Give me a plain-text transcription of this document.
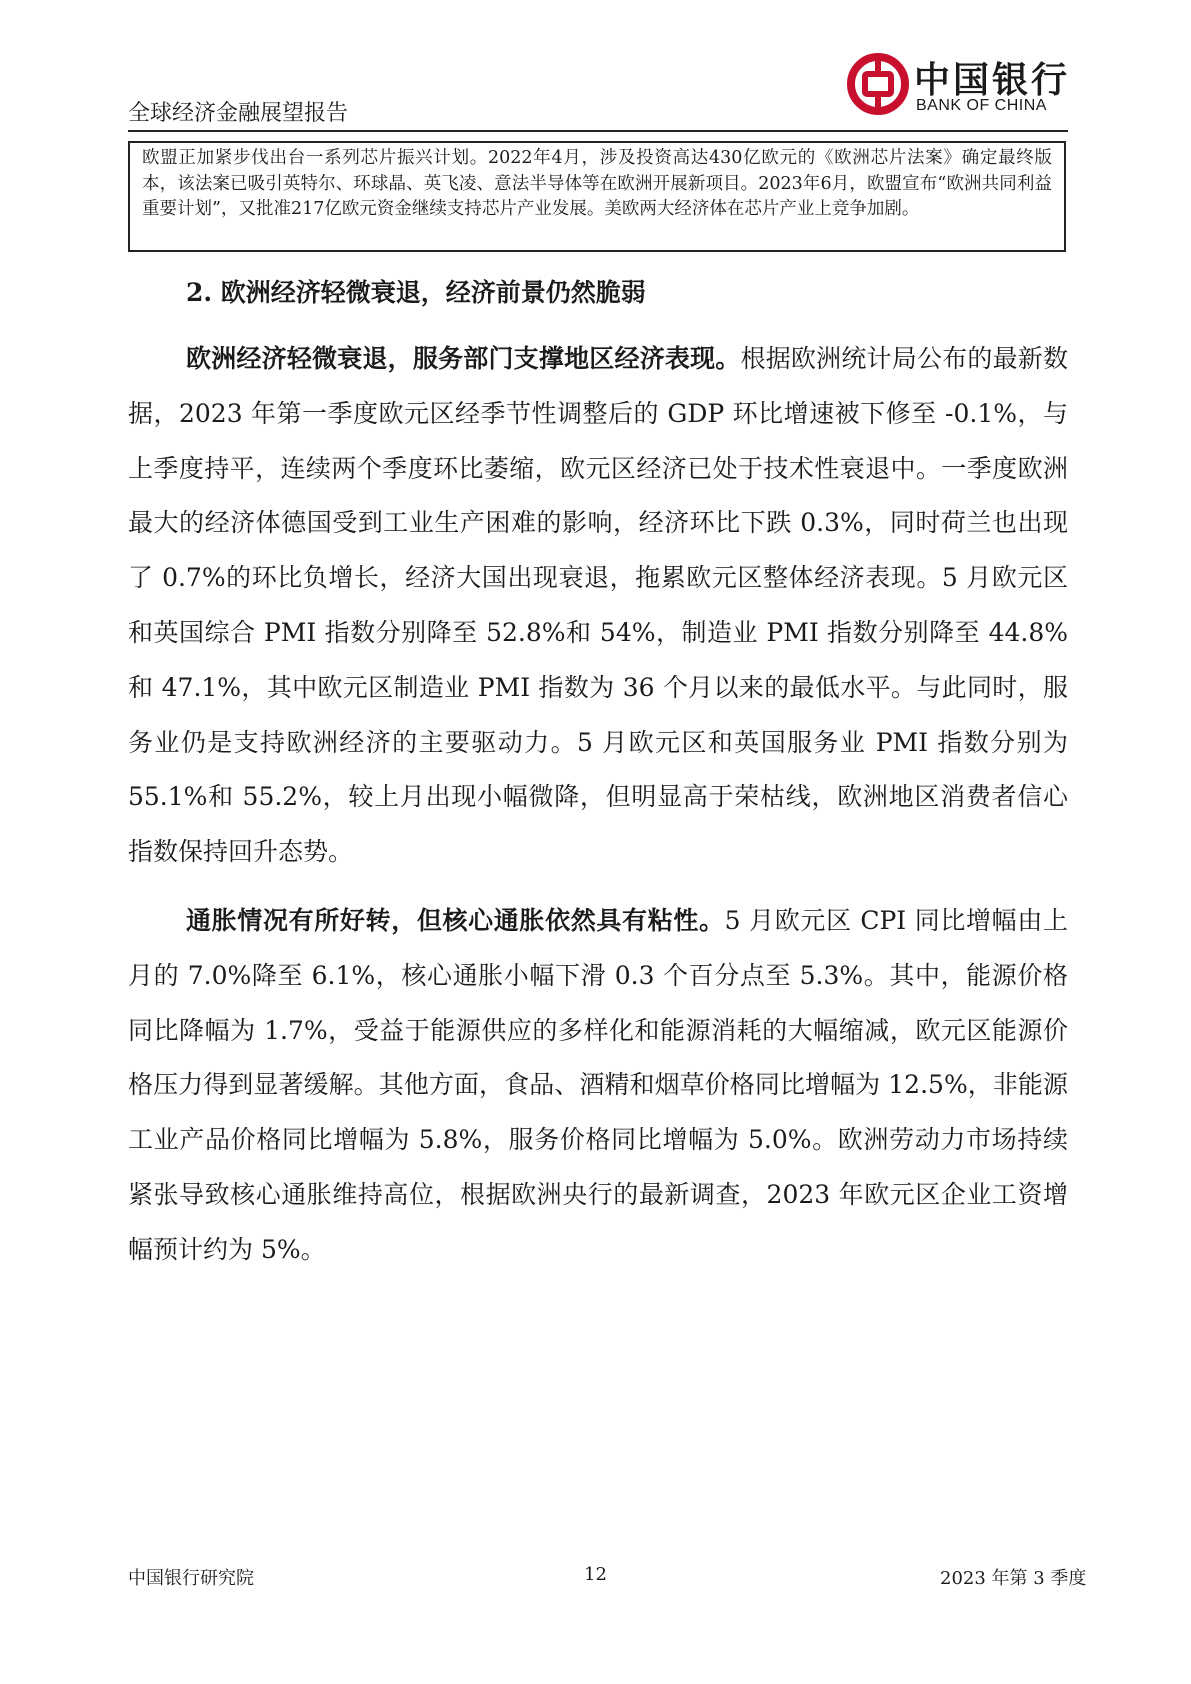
全球经济金融展望报告
中国银行
BANK OF CHINA
欧盟正加紧步伐出台一系列芯片振兴计划。2022年4月，涉及投资高达430亿欧元的《欧洲芯片法案》确定最终版本，该法案已吸引英特尔、环球晶、英飞凌、意法半导体等在欧洲开展新项目。2023年6月，欧盟宣布“欧洲共同利益重要计划”，又批准217亿欧元资金继续支持芯片产业发展。美欧两大经济体在芯片产业上竞争加剧。
2. 欧洲经济轻微衰退，经济前景仍然脆弱

欧洲经济轻微衰退，服务部门支撑地区经济表现。根据欧洲统计局公布的最新数据，2023 年第一季度欧元区经季节性调整后的 GDP 环比增速被下修至 -0.1%，与上季度持平，连续两个季度环比萎缩，欧元区经济已处于技术性衰退中。一季度欧洲最大的经济体德国受到工业生产困难的影响，经济环比下跌 0.3%，同时荷兰也出现了 0.7%的环比负增长，经济大国出现衰退，拖累欧元区整体经济表现。5 月欧元区和英国综合 PMI 指数分别降至 52.8%和 54%，制造业 PMI 指数分别降至 44.8%和 47.1%，其中欧元区制造业 PMI 指数为 36 个月以来的最低水平。与此同时，服务业仍是支持欧洲经济的主要驱动力。5 月欧元区和英国服务业 PMI 指数分别为 55.1%和 55.2%，较上月出现小幅微降，但明显高于荣枯线，欧洲地区消费者信心指数保持回升态势。

通胀情况有所好转，但核心通胀依然具有粘性。5 月欧元区 CPI 同比增幅由上月的 7.0%降至 6.1%，核心通胀小幅下滑 0.3 个百分点至 5.3%。其中，能源价格同比降幅为 1.7%，受益于能源供应的多样化和能源消耗的大幅缩减，欧元区能源价格压力得到显著缓解。其他方面，食品、酒精和烟草价格同比增幅为 12.5%，非能源工业产品价格同比增幅为 5.8%，服务价格同比增幅为 5.0%。欧洲劳动力市场持续紧张导致核心通胀维持高位，根据欧洲央行的最新调查，2023 年欧元区企业工资增幅预计约为 5%。

中国银行研究院	12	2023 年第 3 季度
